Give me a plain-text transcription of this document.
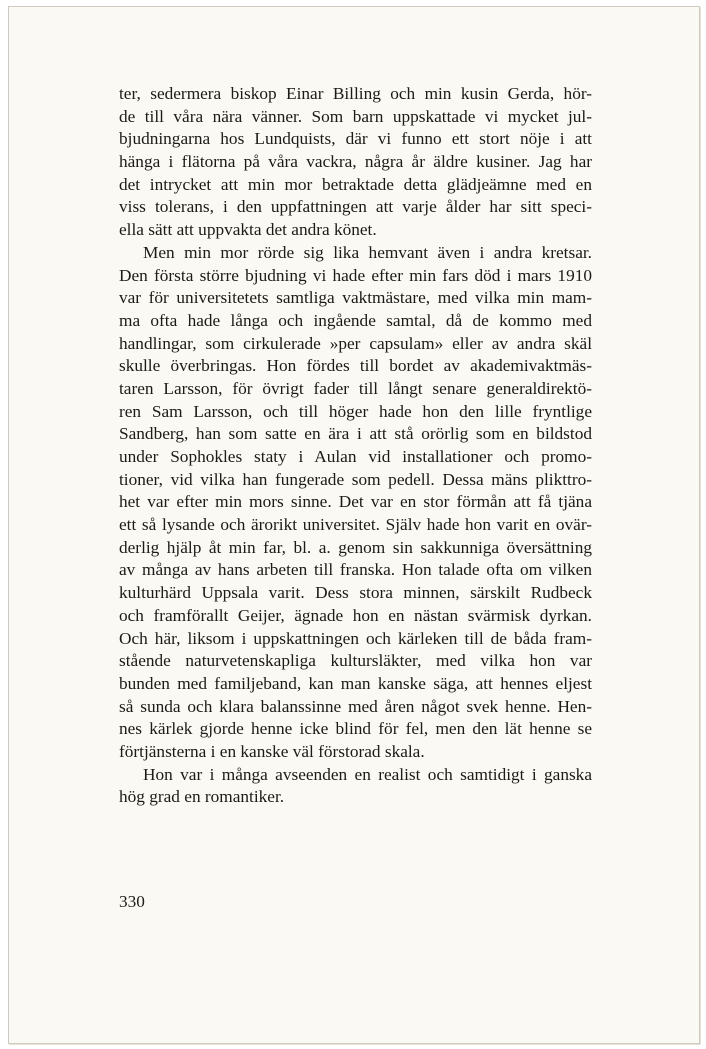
ter, sedermera biskop Einar Billing och min kusin Gerda, hör-
de till våra nära vänner. Som barn uppskattade vi mycket jul-
bjudningarna hos Lundquists, där vi funno ett stort nöje i att
hänga i flätorna på våra vackra, några år äldre kusiner. Jag har
det intrycket att min mor betraktade detta glädjeämne med en
viss tolerans, i den uppfattningen att varje ålder har sitt speci-
ella sätt att uppvakta det andra könet.
Men min mor rörde sig lika hemvant även i andra kretsar.
Den första större bjudning vi hade efter min fars död i mars 1910
var för universitetets samtliga vaktmästare, med vilka min mam-
ma ofta hade långa och ingående samtal, då de kommo med
handlingar, som cirkulerade »per capsulam» eller av andra skäl
skulle överbringas. Hon fördes till bordet av akademivaktmäs-
taren Larsson, för övrigt fader till långt senare generaldirektö-
ren Sam Larsson, och till höger hade hon den lille fryntlige
Sandberg, han som satte en ära i att stå orörlig som en bildstod
under Sophokles staty i Aulan vid installationer och promo-
tioner, vid vilka han fungerade som pedell. Dessa mäns plikttro-
het var efter min mors sinne. Det var en stor förmån att få tjäna
ett så lysande och ärorikt universitet. Själv hade hon varit en ovär-
derlig hjälp åt min far, bl. a. genom sin sakkunniga översättning
av många av hans arbeten till franska. Hon talade ofta om vilken
kulturhärd Uppsala varit. Dess stora minnen, särskilt Rudbeck
och framförallt Geijer, ägnade hon en nästan svärmisk dyrkan.
Och här, liksom i uppskattningen och kärleken till de båda fram-
stående naturvetenskapliga kultursläkter, med vilka hon var
bunden med familjeband, kan man kanske säga, att hennes eljest
så sunda och klara balanssinne med åren något svek henne. Hen-
nes kärlek gjorde henne icke blind för fel, men den lät henne se
förtjänsterna i en kanske väl förstorad skala.
Hon var i många avseenden en realist och samtidigt i ganska
hög grad en romantiker.
330
